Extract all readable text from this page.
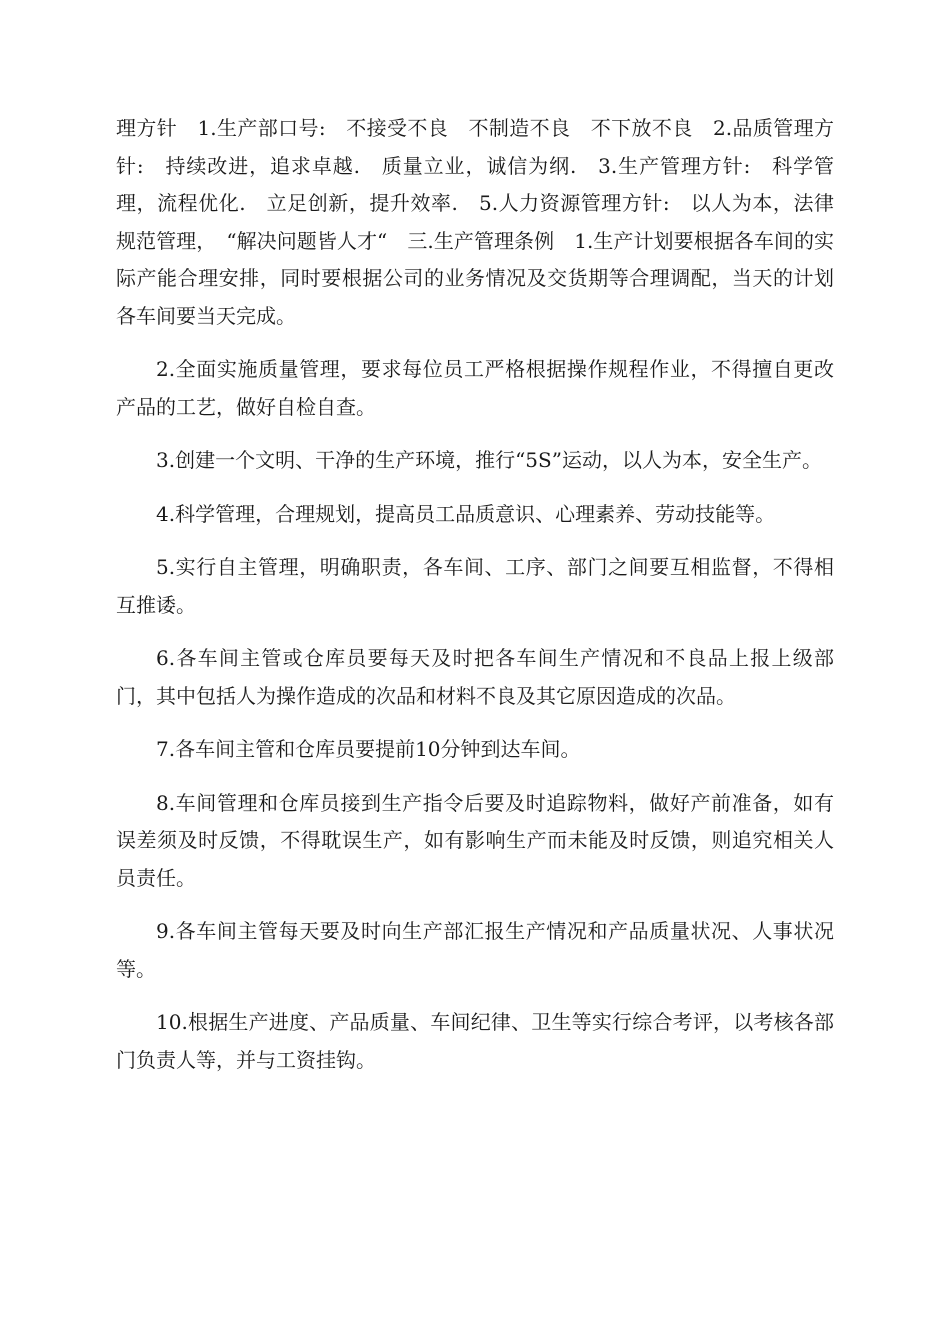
理方针　1.生产部口号:　不接受不良　不制造不良　不下放不良　2.品质管理方针:　持续改进，追求卓越.　质量立业，诚信为纲.　3.生产管理方针:　科学管理，流程优化.　立足创新，提升效率.　5.人力资源管理方针:　以人为本，法律规范管理，　“解决问题皆人才“　三.生产管理条例　1.生产计划要根据各车间的实际产能合理安排，同时要根据公司的业务情况及交货期等合理调配，当天的计划各车间要当天完成。

2.全面实施质量管理，要求每位员工严格根据操作规程作业，不得擅自更改产品的工艺，做好自检自查。

3.创建一个文明、干净的生产环境，推行“5S”运动，以人为本，安全生产。

4.科学管理，合理规划，提高员工品质意识、心理素养、劳动技能等。

5.实行自主管理，明确职责，各车间、工序、部门之间要互相监督，不得相互推诿。

6.各车间主管或仓库员要每天及时把各车间生产情况和不良品上报上级部门，其中包括人为操作造成的次品和材料不良及其它原因造成的次品。

7.各车间主管和仓库员要提前10分钟到达车间。

8.车间管理和仓库员接到生产指令后要及时追踪物料，做好产前准备，如有误差须及时反馈，不得耽误生产，如有影响生产而未能及时反馈，则追究相关人员责任。

9.各车间主管每天要及时向生产部汇报生产情况和产品质量状况、人事状况等。

10.根据生产进度、产品质量、车间纪律、卫生等实行综合考评，以考核各部门负责人等，并与工资挂钩。
